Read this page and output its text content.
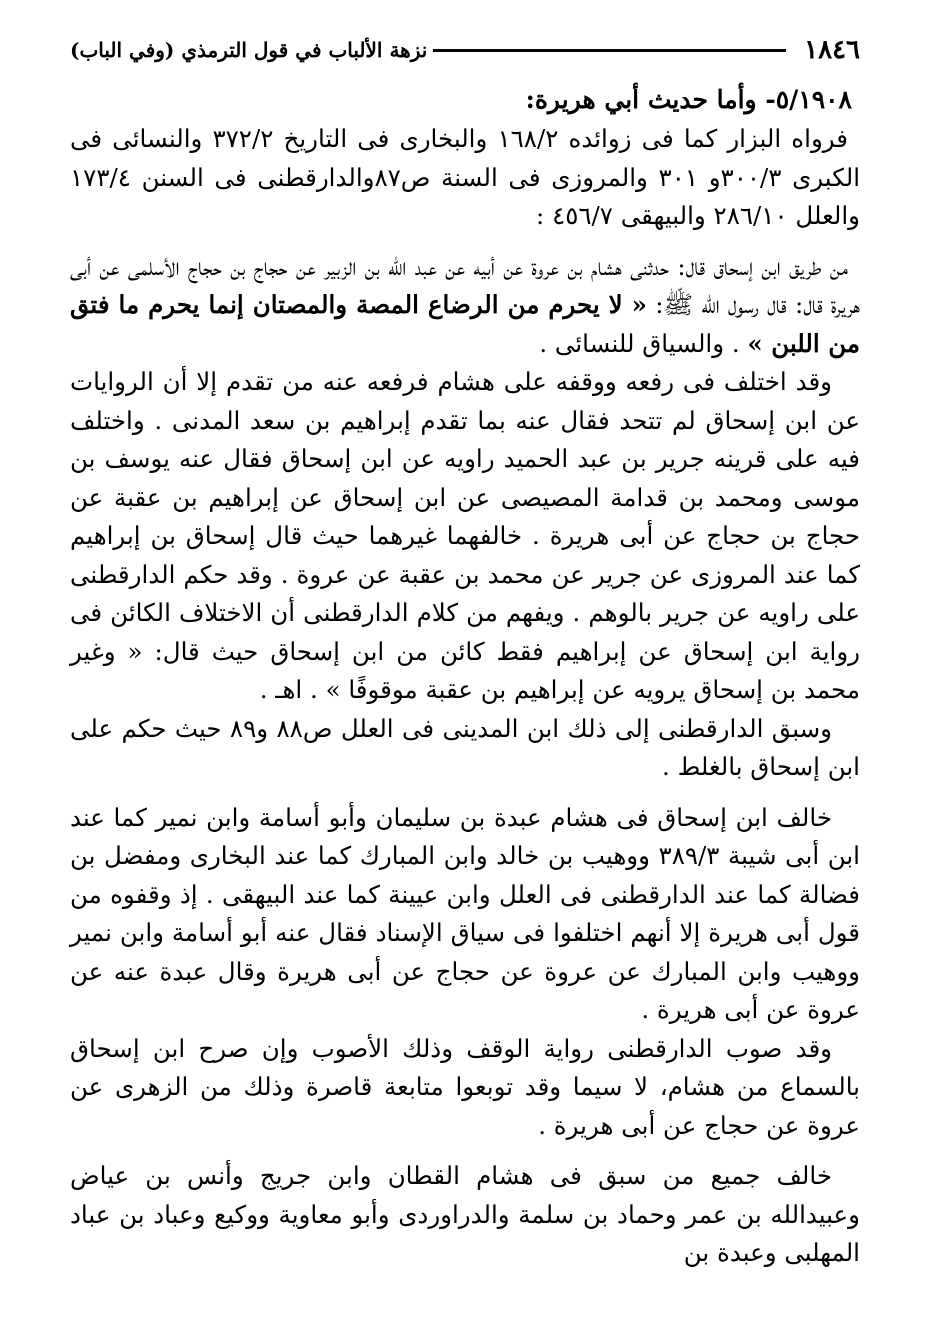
١٨٤٦
نزهة الألباب في قول الترمذي (وفي الباب)
٥/١٩٠٨- وأما حديث أبي هريرة:

فرواه البزار كما فى زوائده ١٦٨/٢ والبخارى فى التاريخ ٣٧٢/٢ والنسائى فى الكبرى ٣٠٠/٣و ٣٠١ والمروزى فى السنة ص٨٧والدارقطنى فى السنن ١٧٣/٤ والعلل ٢٨٦/١٠ والبيهقى ٤٥٦/٧ :

من طريق ابن إسحاق قال: حدثنى هشام بن عروة عن أبيه عن عبد الله بن الزبير عن حجاج بن حجاج الأسلمى عن أبى هريرة قال: قال رسول الله ﷺ: « لا يحرم من الرضاع المصة والمصتان إنما يحرم ما فتق من اللبن » . والسياق للنسائى .

وقد اختلف فى رفعه ووقفه على هشام فرفعه عنه من تقدم إلا أن الروايات عن ابن إسحاق لم تتحد فقال عنه بما تقدم إبراهيم بن سعد المدنى . واختلف فيه على قرينه جرير بن عبد الحميد راويه عن ابن إسحاق فقال عنه يوسف بن موسى ومحمد بن قدامة المصيصى عن ابن إسحاق عن إبراهيم بن عقبة عن حجاج بن حجاج عن أبى هريرة . خالفهما غيرهما حيث قال إسحاق بن إبراهيم كما عند المروزى عن جرير عن محمد بن عقبة عن عروة . وقد حكم الدارقطنى على راويه عن جرير بالوهم . ويفهم من كلام الدارقطنى أن الاختلاف الكائن فى رواية ابن إسحاق عن إبراهيم فقط كائن من ابن إسحاق حيث قال: « وغير محمد بن إسحاق يرويه عن إبراهيم بن عقبة موقوفًا » . اهـ .

وسبق الدارقطنى إلى ذلك ابن المدينى فى العلل ص٨٨ و٨٩ حيث حكم على ابن إسحاق بالغلط .

خالف ابن إسحاق فى هشام عبدة بن سليمان وأبو أسامة وابن نمير كما عند ابن أبى شيبة ٣٨٩/٣ ووهيب بن خالد وابن المبارك كما عند البخارى ومفضل بن فضالة كما عند الدارقطنى فى العلل وابن عيينة كما عند البيهقى . إذ وقفوه من قول أبى هريرة إلا أنهم اختلفوا فى سياق الإسناد فقال عنه أبو أسامة وابن نمير ووهيب وابن المبارك عن عروة عن حجاج عن أبى هريرة وقال عبدة عنه عن عروة عن أبى هريرة .

وقد صوب الدارقطنى رواية الوقف وذلك الأصوب وإن صرح ابن إسحاق بالسماع من هشام، لا سيما وقد توبعوا متابعة قاصرة وذلك من الزهرى عن عروة عن حجاج عن أبى هريرة .

خالف جميع من سبق فى هشام القطان وابن جريج وأنس بن عياض وعبيدالله بن عمر وحماد بن سلمة والدراوردى وأبو معاوية ووكيع وعباد بن عباد المهلبى وعبدة بن
